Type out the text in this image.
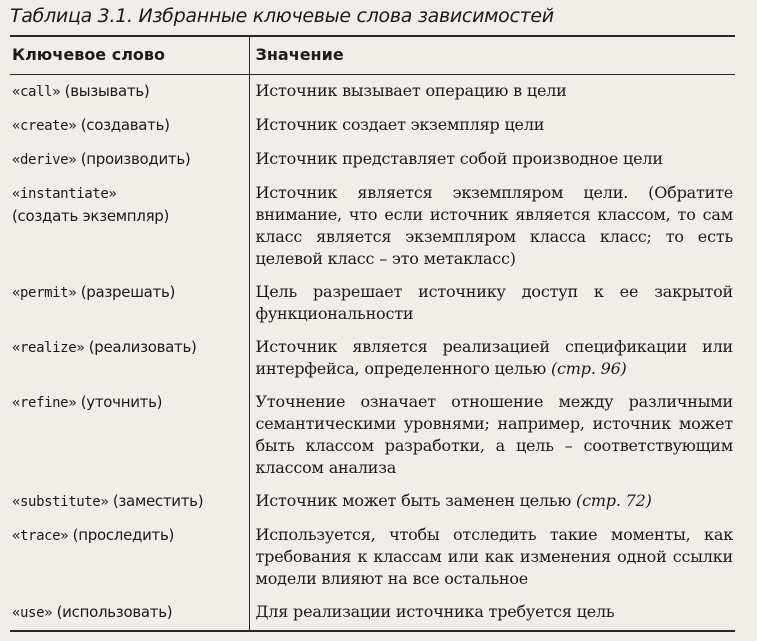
Таблица 3.1. Избранные ключевые слова зависимостей
Ключевое слово	Значение
«call» (вызывать)	Источник вызывает операцию в цели
«create» (создавать)	Источник создает экземпляр цели
«derive» (производить)	Источник представляет собой производное цели
«instantiate»
(создать экземпляр)	Источник является экземпляром цели. (Обратите внимание, что если источник является классом, то сам класс является экземпляром класса класс; то есть целевой класс – это метакласс)
«permit» (разрешать)	Цель разрешает источнику доступ к ее закрытой функциональности
«realize» (реализовать)	Источник является реализацией спецификации или интерфейса, определенного целью (стр. 96)
«refine» (уточнить)	Уточнение означает отношение между различными семантическими уровнями; например, источник может быть классом разработки, а цель – соответствующим классом анализа
«substitute» (заместить)	Источник может быть заменен целью (стр. 72)
«trace» (проследить)	Используется, чтобы отследить такие моменты, как требования к классам или как изменения одной ссылки модели влияют на все остальное
«use» (использовать)	Для реализации источника требуется цель
